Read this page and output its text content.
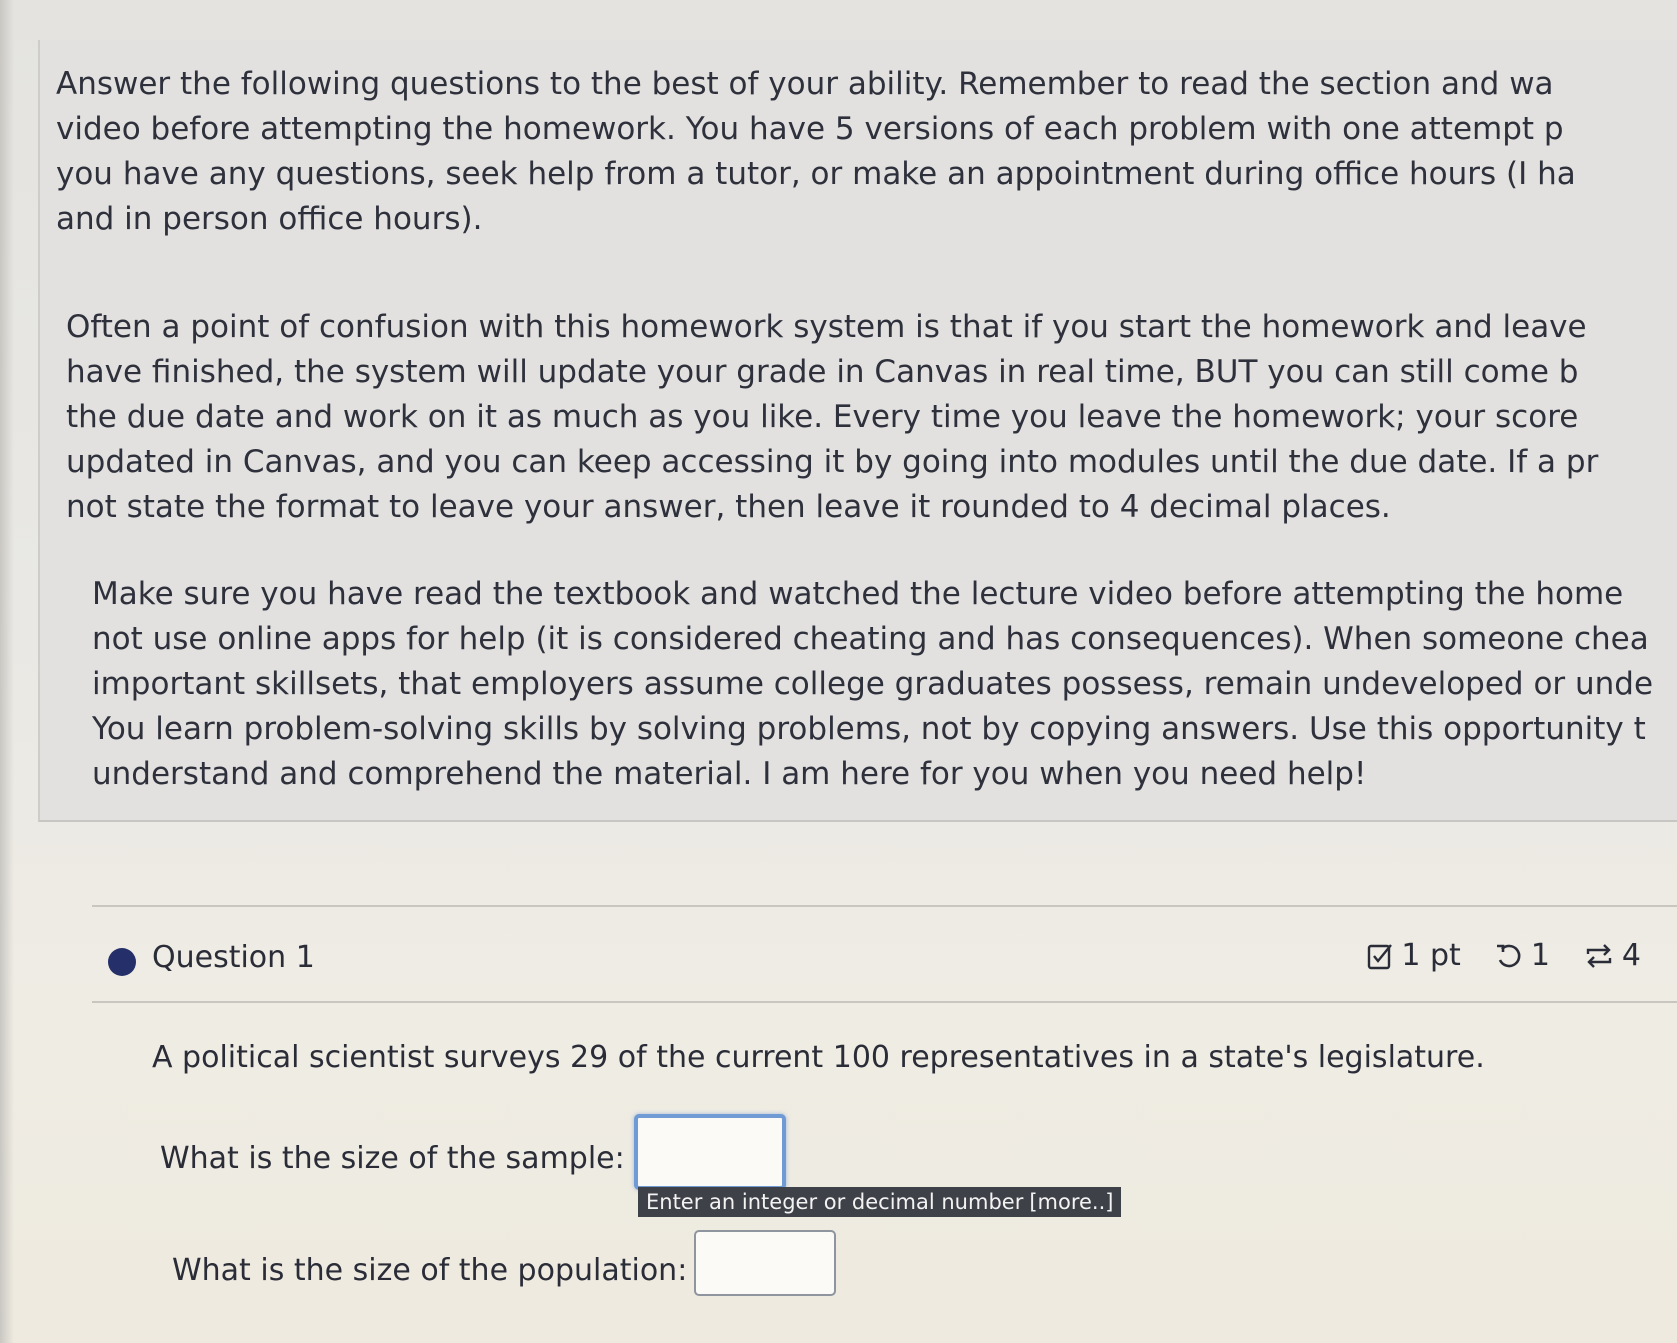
Answer the following questions to the best of your ability. Remember to read the section and wa
video before attempting the homework. You have 5 versions of each problem with one attempt p
you have any questions, seek help from a tutor, or make an appointment during office hours (I ha
and in person office hours).

Often a point of confusion with this homework system is that if you start the homework and leave
have finished, the system will update your grade in Canvas in real time, BUT you can still come b
the due date and work on it as much as you like. Every time you leave the homework; your score
updated in Canvas, and you can keep accessing it by going into modules until the due date. If a pr
not state the format to leave your answer, then leave it rounded to 4 decimal places.

Make sure you have read the textbook and watched the lecture video before attempting the home
not use online apps for help (it is considered cheating and has consequences). When someone chea
important skillsets, that employers assume college graduates possess, remain undeveloped or unde
You learn problem-solving skills by solving problems, not by copying answers. Use this opportunity t
understand and comprehend the material. I am here for you when you need help!

Question 1	1 pt 1 4

A political scientist surveys 29 of the current 100 representatives in a state's legislature.

What is the size of the sample:
Enter an integer or decimal number [more..]
What is the size of the population:
